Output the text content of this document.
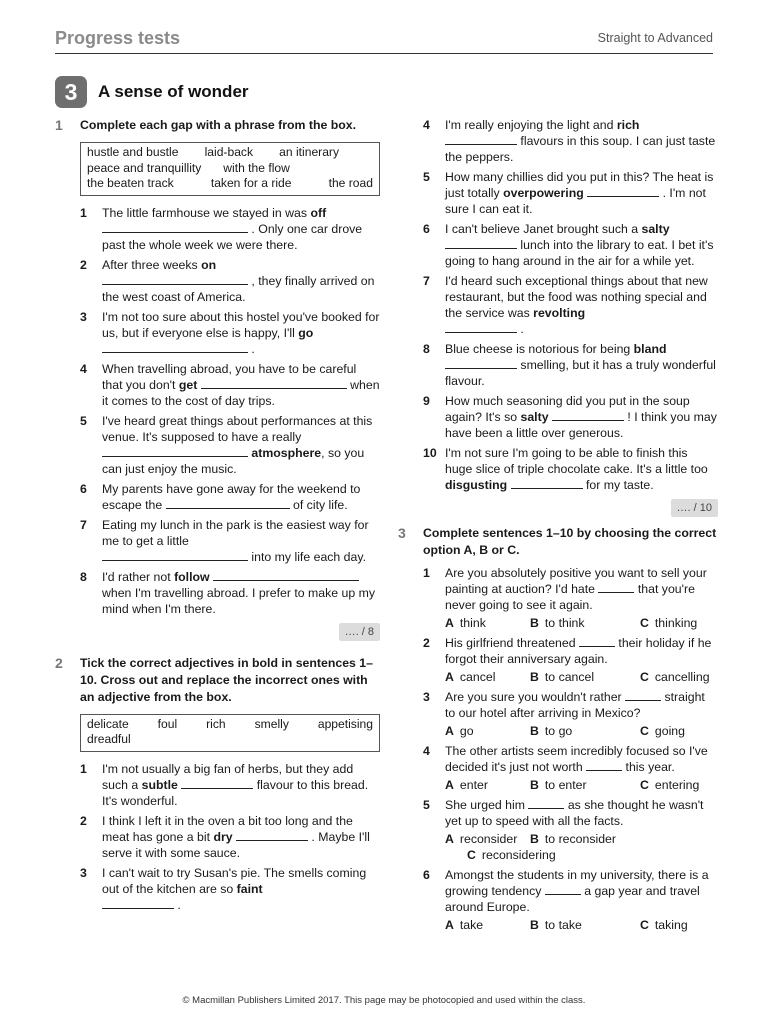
Progress tests	Straight to Advanced
3	A sense of wonder
1	Complete each gap with a phrase from the box.
hustle and bustle laid-back an itinerary
peace and tranquillity with the flow
the beaten track	taken for a ride	the road
1	The little farmhouse we stayed in was off
. Only one car drove past the whole week we were there.
2	After three weeks on
, they finally arrived on the west coast of America.
3	I'm not too sure about this hostel you've booked for us, but if everyone else is happy, I'll go  .
4	When travelling abroad, you have to be careful that you don't get	when it comes to the cost of day trips.
5	I've heard great things about performances at this venue. It's supposed to have a really
atmosphere, so you can just enjoy the music.
6	My parents have gone away for the weekend to escape the	of city life.
7	Eating my lunch in the park is the easiest way for me to get a little
into my life each day.
8	I'd rather not follow  when I'm travelling abroad. I prefer to make up my mind when I'm there.
…. / 8
2	Tick the correct adjectives in bold in sentences 1–10. Cross out and replace the incorrect ones with an adjective from the box.
delicate foul rich smelly appetising
dreadful
1	I'm not usually a big fan of herbs, but they add such a subtle	flavour to this bread. It's wonderful.
2	I think I left it in the oven a bit too long and the meat has gone a bit dry	. Maybe I'll serve it with some sauce.
3	I can't wait to try Susan's pie. The smells coming out of the kitchen are so faint
.
4	I'm really enjoying the light and rich
flavours in this soup. I can just taste the peppers.
5	How many chillies did you put in this? The heat is just totally overpowering	. I'm not sure I can eat it.
6	I can't believe Janet brought such a salty
lunch into the library to eat. I bet it's going to hang around in the air for a while yet.
7	I'd heard such exceptional things about that new restaurant, but the food was nothing special and the service was revolting
.
8	Blue cheese is notorious for being bland
smelling, but it has a truly wonderful flavour.
9	How much seasoning did you put in the soup again? It's so salty	! I think you may have been a little over generous.
10 I'm not sure I'm going to be able to finish this huge slice of triple chocolate cake. It's a little too disgusting	for my taste.
…. / 10
3	Complete sentences 1–10 by choosing the correct option A, B or C.
1	Are you absolutely positive you want to sell your painting at auction? I'd hate	that you're never going to see it again.
A think	B to think	C thinking
2	His girlfriend threatened	their holiday if he forgot their anniversary again.
A cancel	B to cancel	C cancelling
3	Are you sure you wouldn't rather	straight to our hotel after arriving in Mexico?
A go	B to go	C going
4	The other artists seem incredibly focused so I've decided it's just not worth	this year.
A enter	B to enter	C entering
5	She urged him	as she thought he wasn't yet up to speed with all the facts.
A reconsider B to reconsider
C reconsidering
6	Amongst the students in my university, there is a growing tendency	a gap year and travel around Europe.
A take	B to take	C taking
© Macmillan Publishers Limited 2017. This page may be photocopied and used within the class.
